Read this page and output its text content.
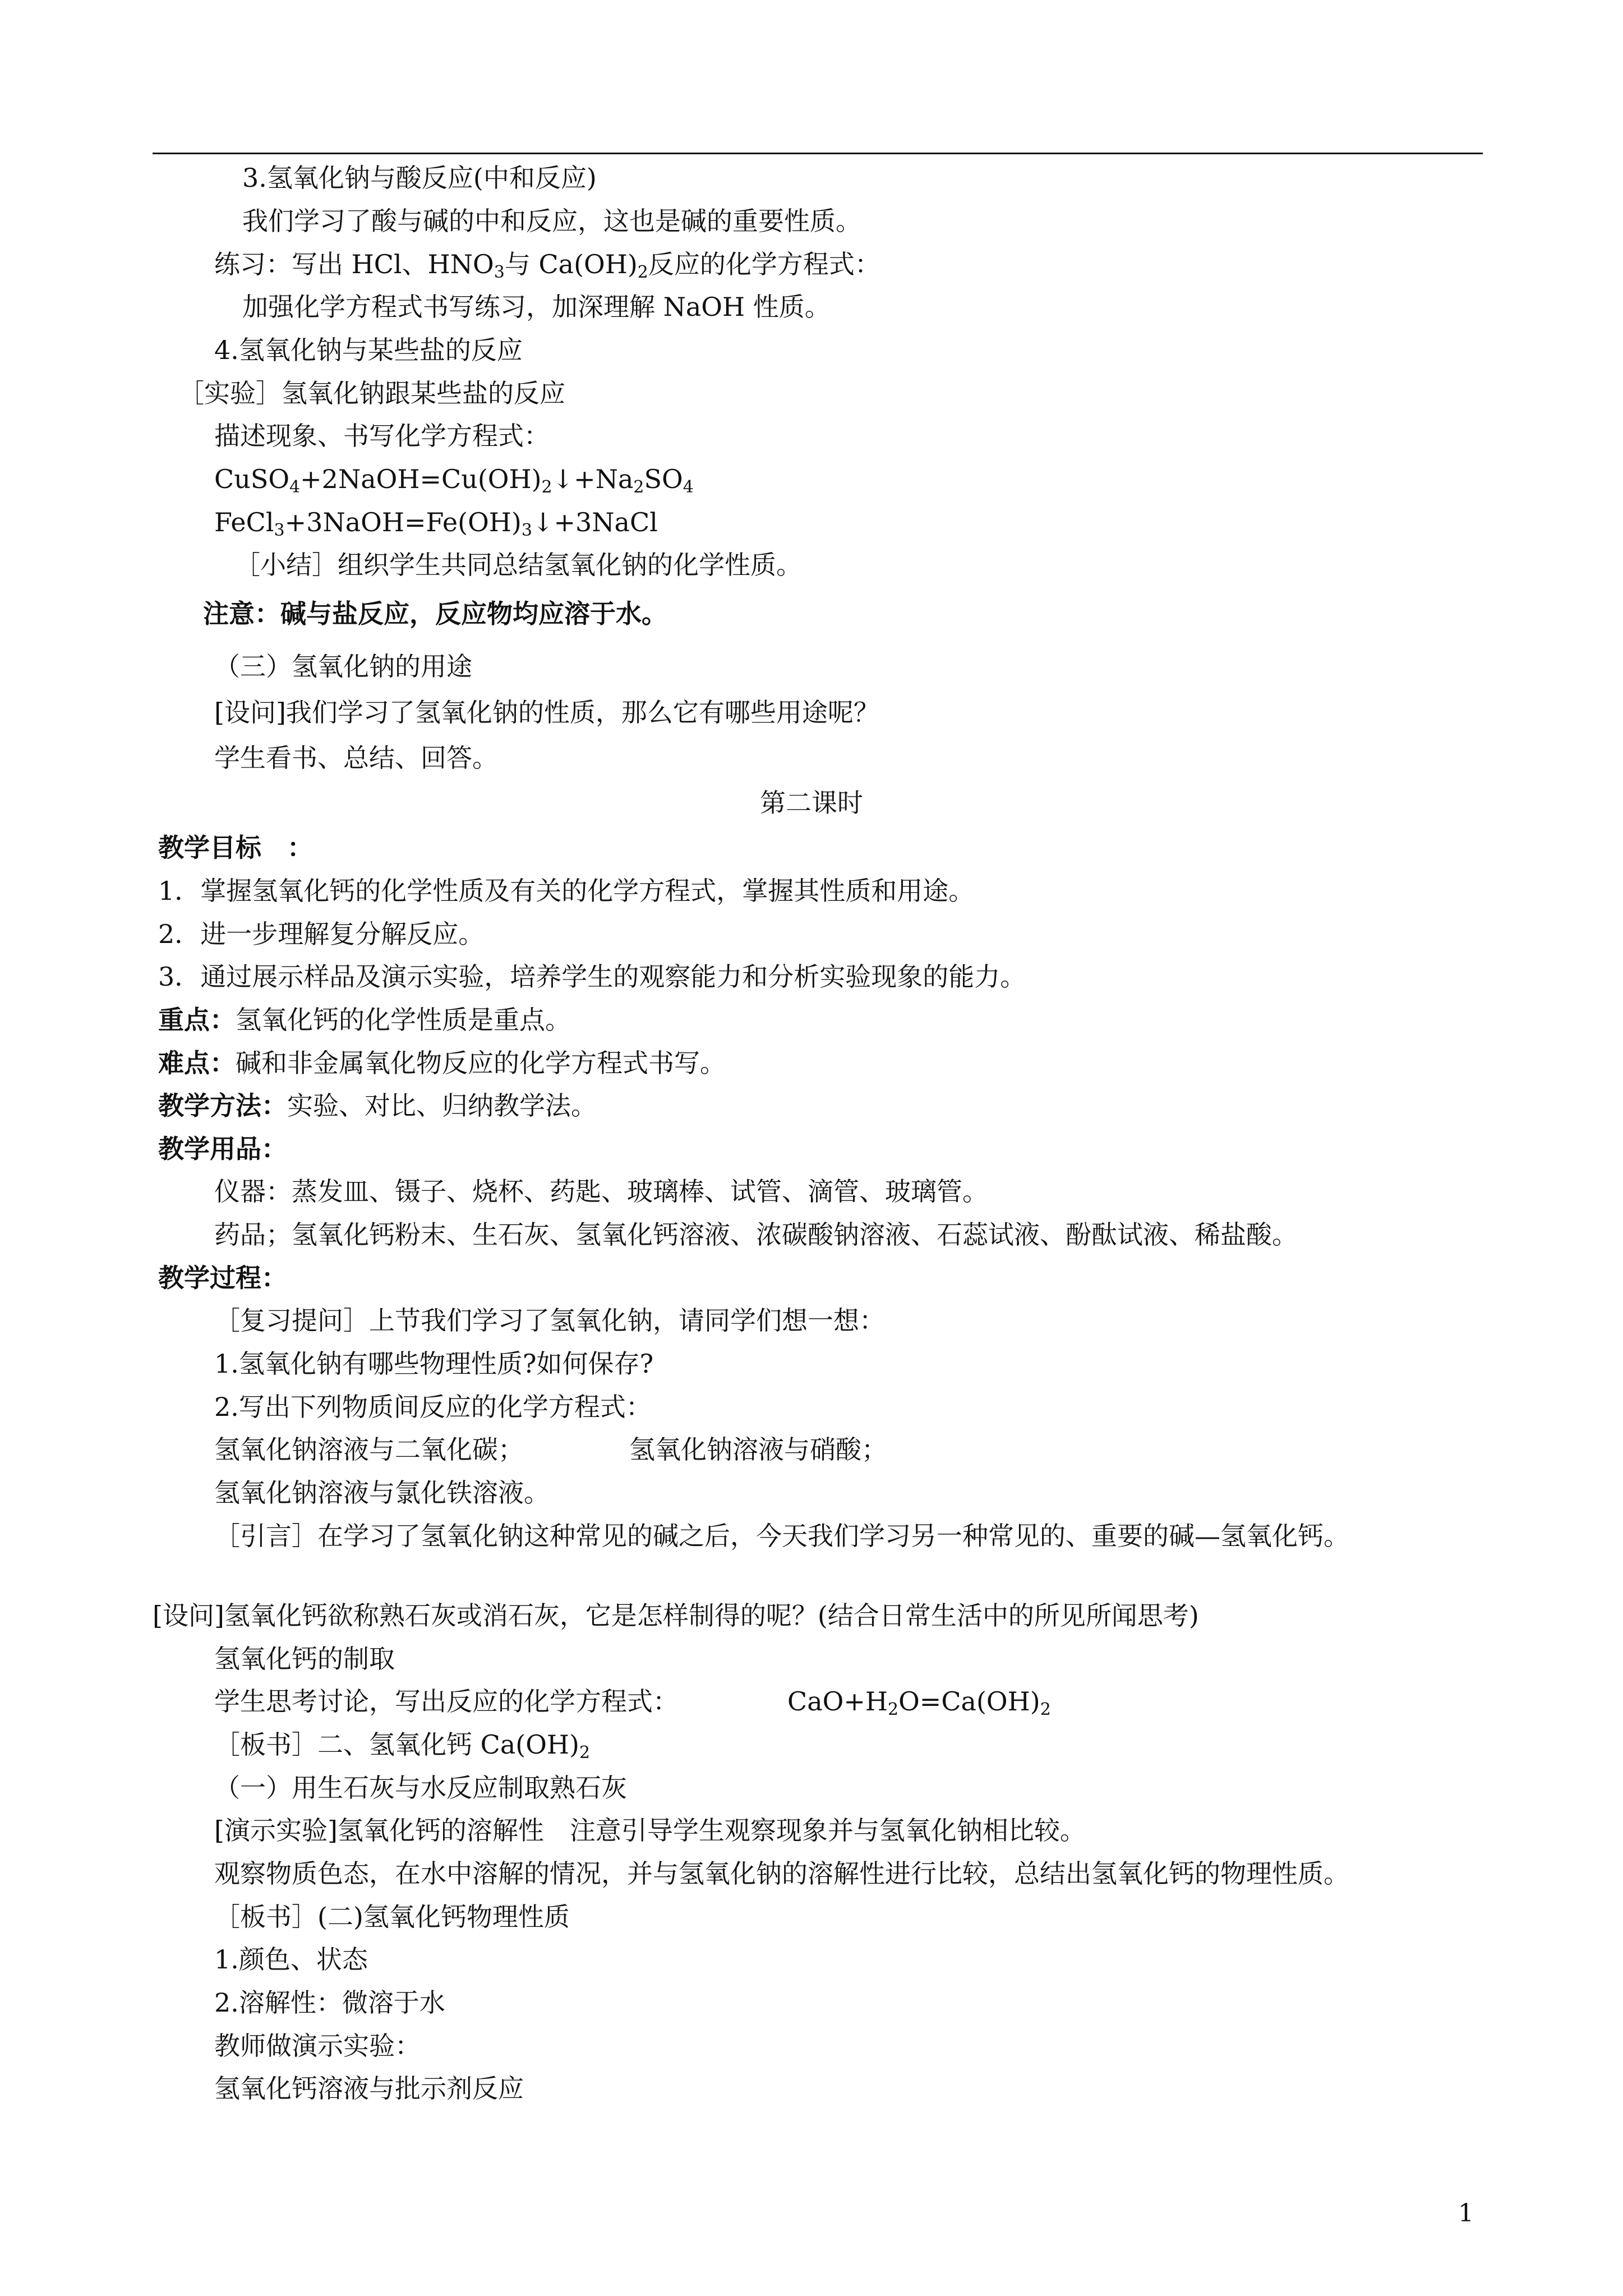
3.氢氧化钠与酸反应(中和反应)
我们学习了酸与碱的中和反应，这也是碱的重要性质。
练习：写出 HCl、$HNO_3$与 $Ca(OH)_2$反应的化学方程式：
加强化学方程式书写练习，加深理解 NaOH 性质。
4.氢氧化钠与某些盐的反应
［实验］氢氧化钠跟某些盐的反应
描述现象、书写化学方程式：
$CuSO_4+2NaOH=Cu(OH)_2↓+Na_2SO_4$
$FeCl_3+3NaOH=Fe(OH)_3↓+3NaCl$
［小结］组织学生共同总结氢氧化钠的化学性质。
注意：碱与盐反应，反应物均应溶于水。
（三）氢氧化钠的用途
[设问]我们学习了氢氧化钠的性质，那么它有哪些用途呢？
学生看书、总结、回答。
第二课时
教学目标　：
1．掌握氢氧化钙的化学性质及有关的化学方程式，掌握其性质和用途。
2．进一步理解复分解反应。
3．通过展示样品及演示实验，培养学生的观察能力和分析实验现象的能力。
重点：氢氧化钙的化学性质是重点。
难点：碱和非金属氧化物反应的化学方程式书写。
教学方法：实验、对比、归纳教学法。
教学用品：
仪器：蒸发皿、镊子、烧杯、药匙、玻璃棒、试管、滴管、玻璃管。
药品；氢氧化钙粉末、生石灰、氢氧化钙溶液、浓碳酸钠溶液、石蕊试液、酚酞试液、稀盐酸。
教学过程：
［复习提问］上节我们学习了氢氧化钠，请同学们想一想：
1.氢氧化钠有哪些物理性质?如何保存?
2.写出下列物质间反应的化学方程式：
氢氧化钠溶液与二氧化碳；	氢氧化钠溶液与硝酸；
氢氧化钠溶液与氯化铁溶液。
［引言］在学习了氢氧化钠这种常见的碱之后，今天我们学习另一种常见的、重要的碱—氢氧化钙。
[设问]氢氧化钙欲称熟石灰或消石灰，它是怎样制得的呢？(结合日常生活中的所见所闻思考)
氢氧化钙的制取
学生思考讨论，写出反应的化学方程式：	$CaO+H_2O=Ca(OH)_2$
［板书］二、氢氧化钙 $Ca(OH)_2$
（一）用生石灰与水反应制取熟石灰
[演示实验]氢氧化钙的溶解性　注意引导学生观察现象并与氢氧化钠相比较。
观察物质色态，在水中溶解的情况，并与氢氧化钠的溶解性进行比较，总结出氢氧化钙的物理性质。
［板书］(二)氢氧化钙物理性质
1.颜色、状态
2.溶解性：微溶于水
教师做演示实验：
氢氧化钙溶液与批示剂反应
1
